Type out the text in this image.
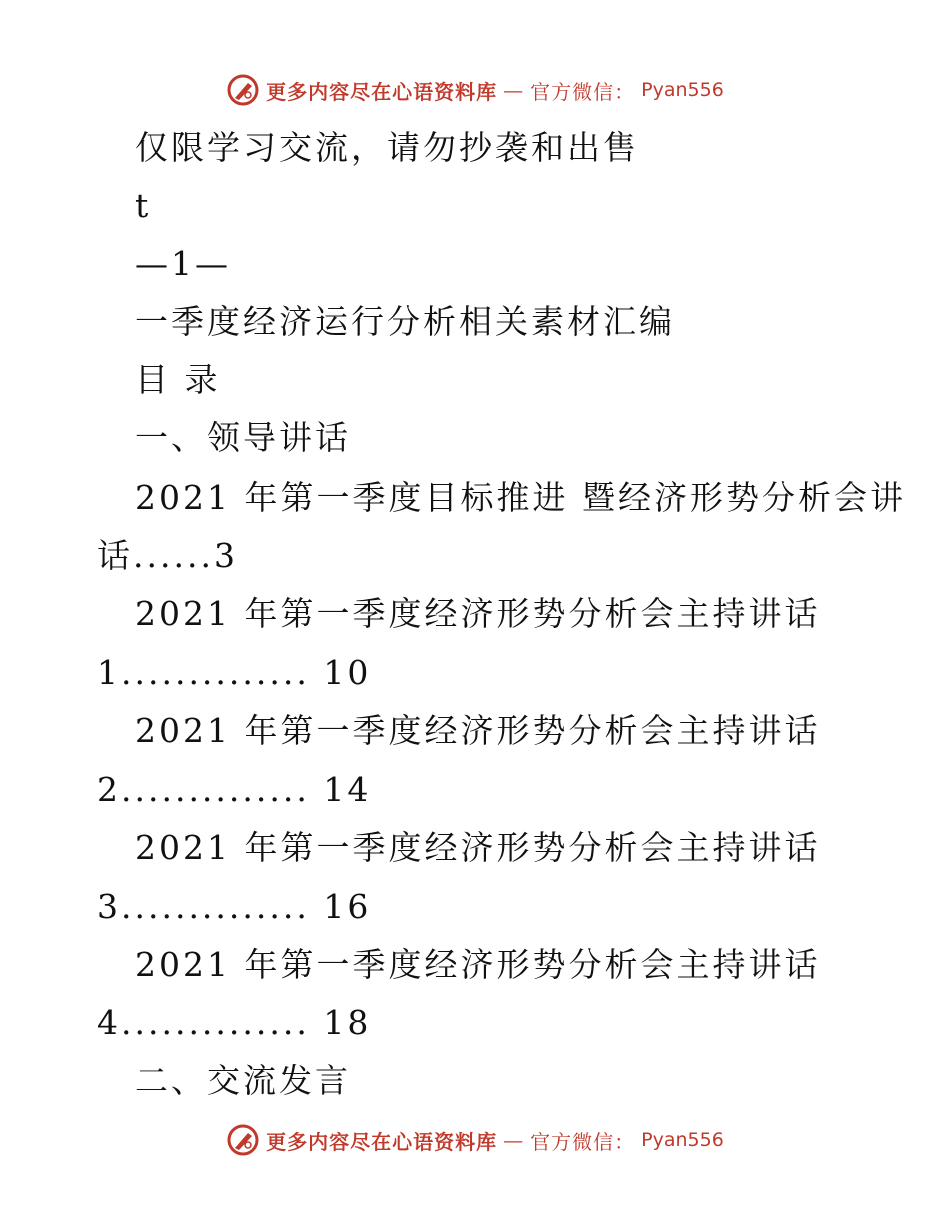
更多内容尽在心语资料库 — 官方微信： Pyan556
仅限学习交流，请勿抄袭和出售
t
—1—
一季度经济运行分析相关素材汇编
目 录
一、领导讲话
2021 年第一季度目标推进 暨经济形势分析会讲
话......3
2021 年第一季度经济形势分析会主持讲话
1.............. 10
2021 年第一季度经济形势分析会主持讲话
2.............. 14
2021 年第一季度经济形势分析会主持讲话
3.............. 16
2021 年第一季度经济形势分析会主持讲话
4.............. 18
二、交流发言
更多内容尽在心语资料库 — 官方微信： Pyan556
